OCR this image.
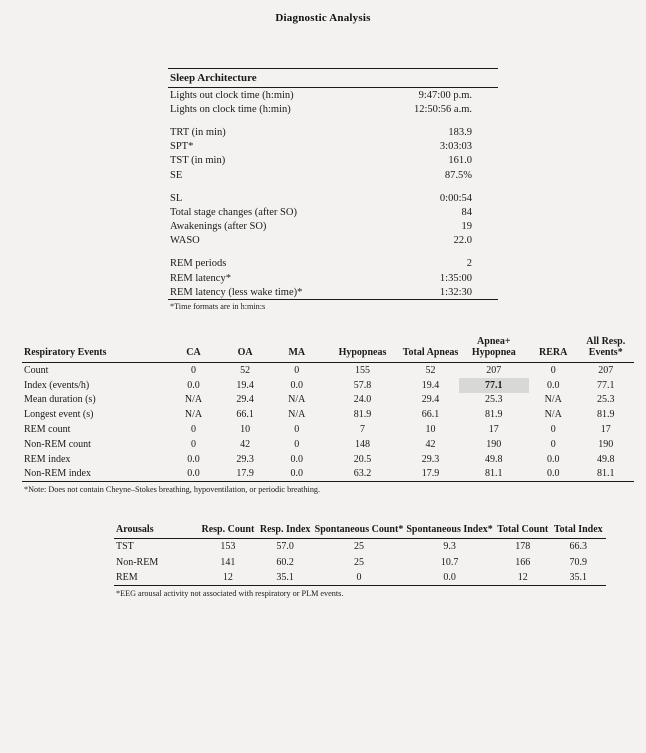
Diagnostic Analysis
Sleep Architecture	
Lights out clock time (h:min)	9:47:00 p.m.
Lights on clock time (h:min)	12:50:56 a.m.

TRT (in min)	183.9
SPT*	3:03:03
TST (in min)	161.0
SE	87.5%

SL	0:00:54
Total stage changes (after SO)	84
Awakenings (after SO)	19
WASO	22.0

REM periods	2
REM latency*	1:35:00
REM latency (less wake time)*	1:32:30
*Time formats are in h:min:s
Respiratory Events	CA	OA	MA	Hypopneas	Total Apneas	Apnea+ Hypopnea	RERA	All Resp. Events*
Count	0	52	0	155	52	207	0	207
Index (events/h)	0.0	19.4	0.0	57.8	19.4	77.1	0.0	77.1
Mean duration (s)	N/A	29.4	N/A	24.0	29.4	25.3	N/A	25.3
Longest event (s)	N/A	66.1	N/A	81.9	66.1	81.9	N/A	81.9
REM count	0	10	0	7	10	17	0	17
Non-REM count	0	42	0	148	42	190	0	190
REM index	0.0	29.3	0.0	20.5	29.3	49.8	0.0	49.8
Non-REM index	0.0	17.9	0.0	63.2	17.9	81.1	0.0	81.1
*Note: Does not contain Cheyne–Stokes breathing, hypoventilation, or periodic breathing.
Arousals	Resp. Count	Resp. Index	Spontaneous Count*	Spontaneous Index*	Total Count	Total Index
TST	153	57.0	25	9.3	178	66.3
Non-REM	141	60.2	25	10.7	166	70.9
REM	12	35.1	0	0.0	12	35.1
*EEG arousal activity not associated with respiratory or PLM events.
